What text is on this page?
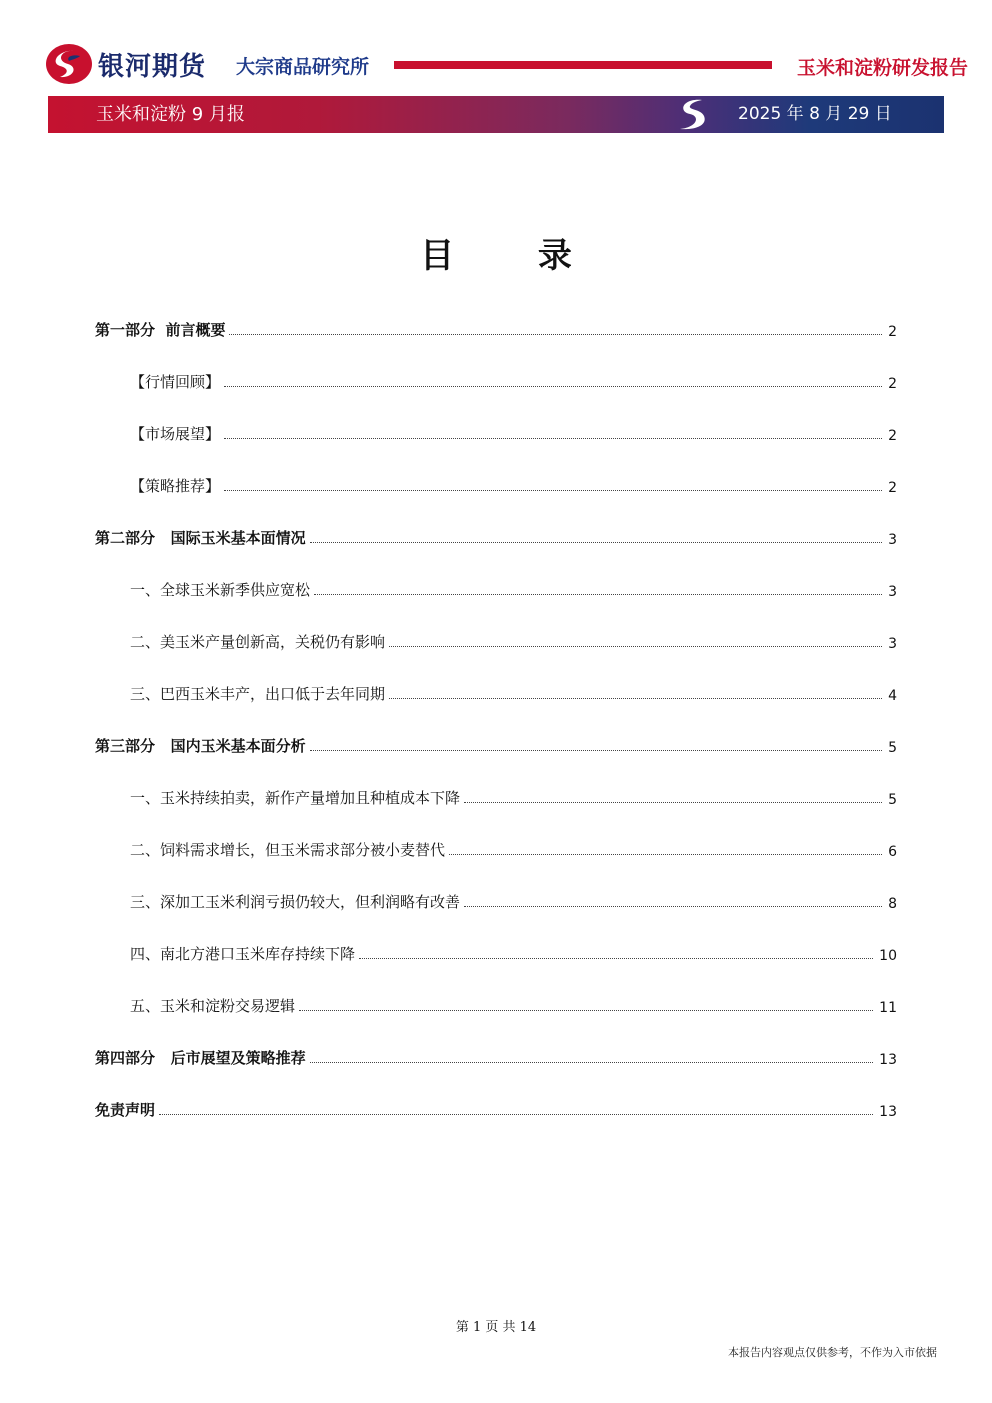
银河期货 大宗商品研究所	玉米和淀粉研发报告
玉米和淀粉 9 月报	2025 年 8 月 29 日
目 录
第一部分  前言概要	2
【行情回顾】	2
【市场展望】	2
【策略推荐】	2
第二部分   国际玉米基本面情况	3
一、全球玉米新季供应宽松	3
二、美玉米产量创新高，关税仍有影响	3
三、巴西玉米丰产，出口低于去年同期	4
第三部分   国内玉米基本面分析	5
一、玉米持续拍卖，新作产量增加且种植成本下降	5
二、饲料需求增长，但玉米需求部分被小麦替代	6
三、深加工玉米利润亏损仍较大，但利润略有改善	8
四、南北方港口玉米库存持续下降	10
五、玉米和淀粉交易逻辑	11
第四部分   后市展望及策略推荐	13
免责声明	13
第 1 页 共 14
本报告内容观点仅供参考，不作为入市依据
